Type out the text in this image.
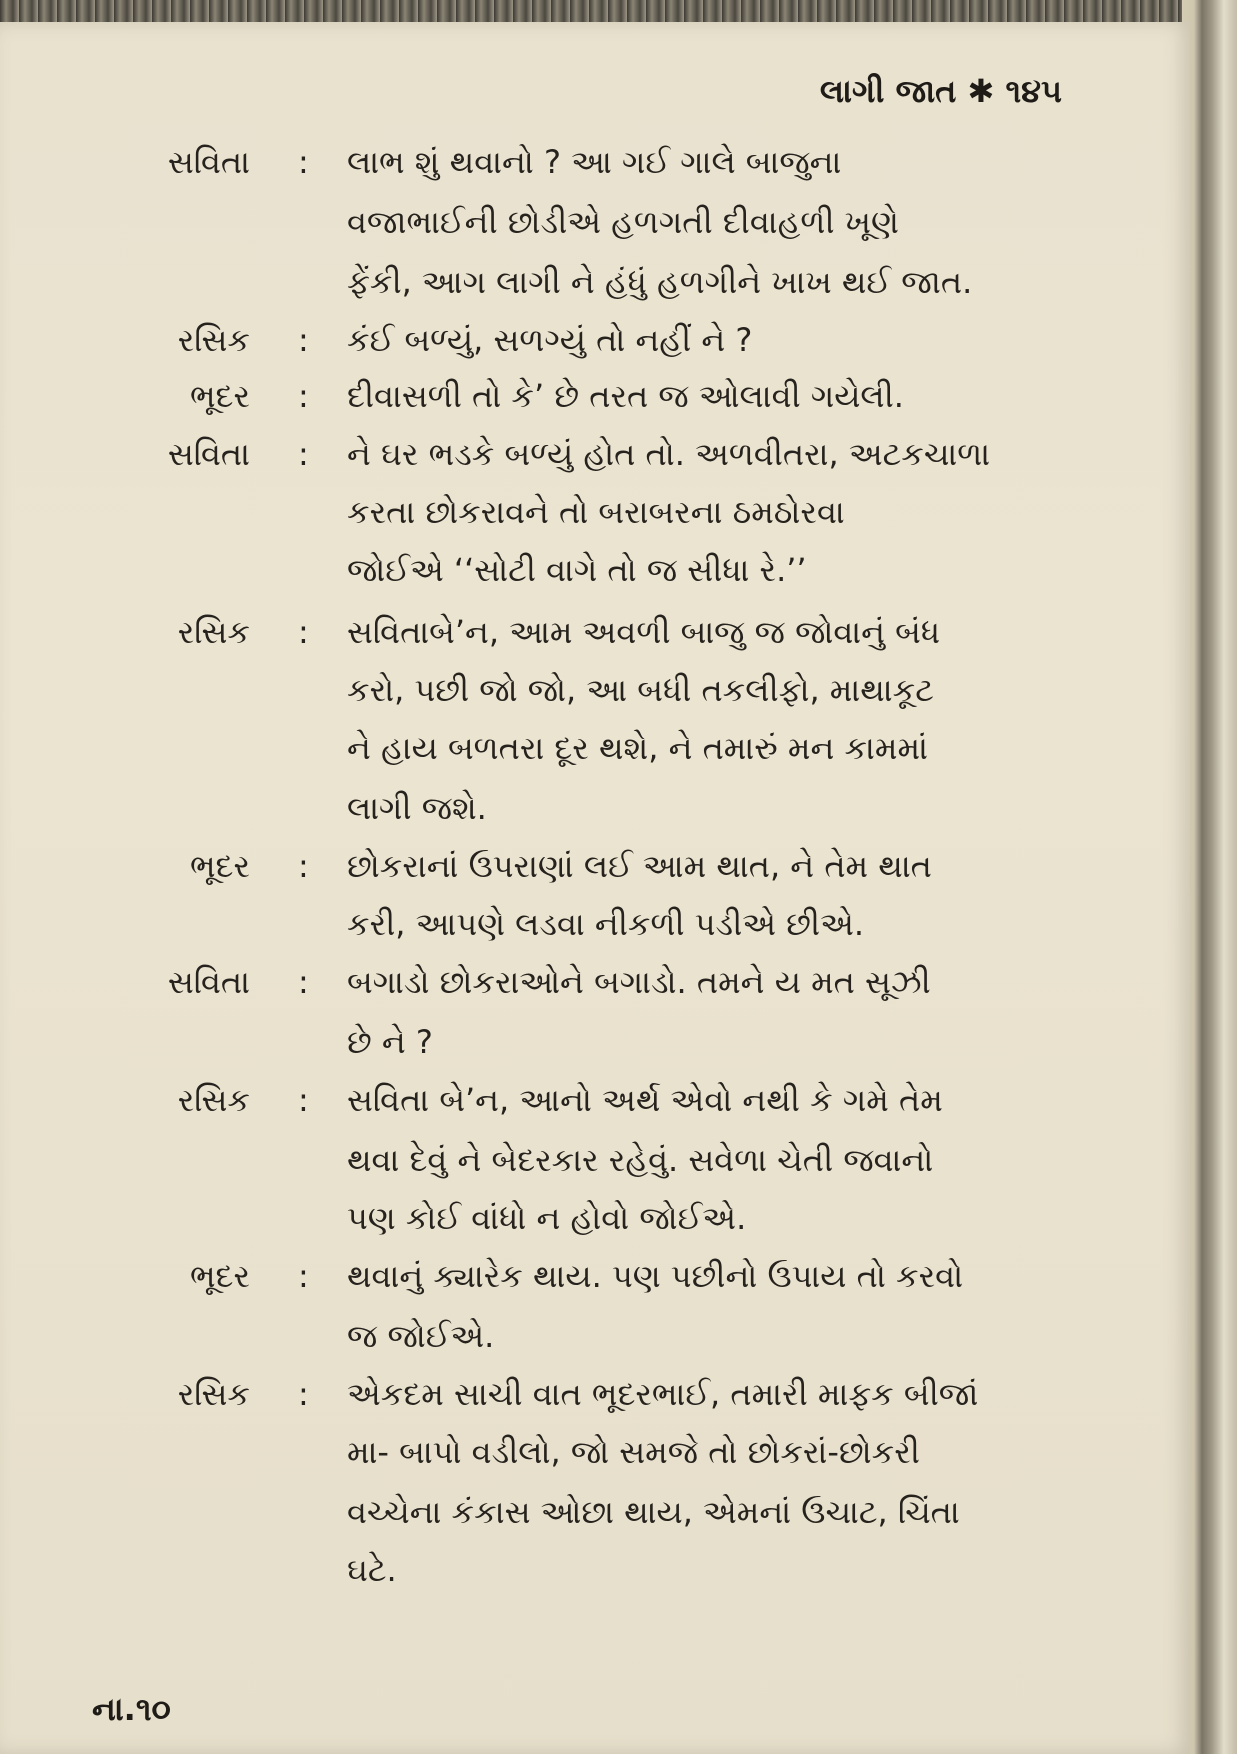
લાગી જાત ✱ ૧૪૫
સવિતા : લાભ શું થવાનો ? આ ગઈ ગાલે બાજુના
વજાભાઈની છોડીએ હળગતી દીવાહળી ખૂણે
ફેંકી, આગ લાગી ને હંધું હળગીને ખાખ થઈ જાત.
રસિક : કંઈ બળ્યું, સળગ્યું તો નહીં ને ?
ભૂદર : દીવાસળી તો કે’ છે તરત જ ઓલાવી ગયેલી.
સવિતા : ને ઘર ભડકે બળ્યું હોત તો. અળવીતરા, અટકચાળા
કરતા છોકરાવને તો બરાબરના ઠમઠોરવા
જોઈએ ‘‘સોટી વાગે તો જ સીધા રે.’’
રસિક : સવિતાબે’ન, આમ અવળી બાજુ જ જોવાનું બંધ
કરો, પછી જો જો, આ બધી તકલીફો, માથાકૂટ
ને હાય બળતરા દૂર થશે, ને તમારું મન કામમાં
લાગી જશે.
ભૂદર : છોકરાનાં ઉપરાણાં લઈ આમ થાત, ને તેમ થાત
કરી, આપણે લડવા નીકળી પડીએ છીએ.
સવિતા : બગાડો છોકરાઓને બગાડો. તમને ય મત સૂઝી
છે ને ?
રસિક : સવિતા બે’ન, આનો અર્થ એવો નથી કે ગમે તેમ
થવા દેવું ને બેદરકાર રહેવું. સવેળા ચેતી જવાનો
પણ કોઈ વાંધો ન હોવો જોઈએ.
ભૂદર : થવાનું ક્યારેક થાય. પણ પછીનો ઉપાય તો કરવો
જ જોઈએ.
રસિક : એકદમ સાચી વાત ભૂદરભાઈ, તમારી માફક બીજાં
મા- બાપો વડીલો, જો સમજે તો છોકરાં-છોકરી
વચ્ચેના કંકાસ ઓછા થાય, એમનાં ઉચાટ, ચિંતા
ઘટે.
ના.૧૦
